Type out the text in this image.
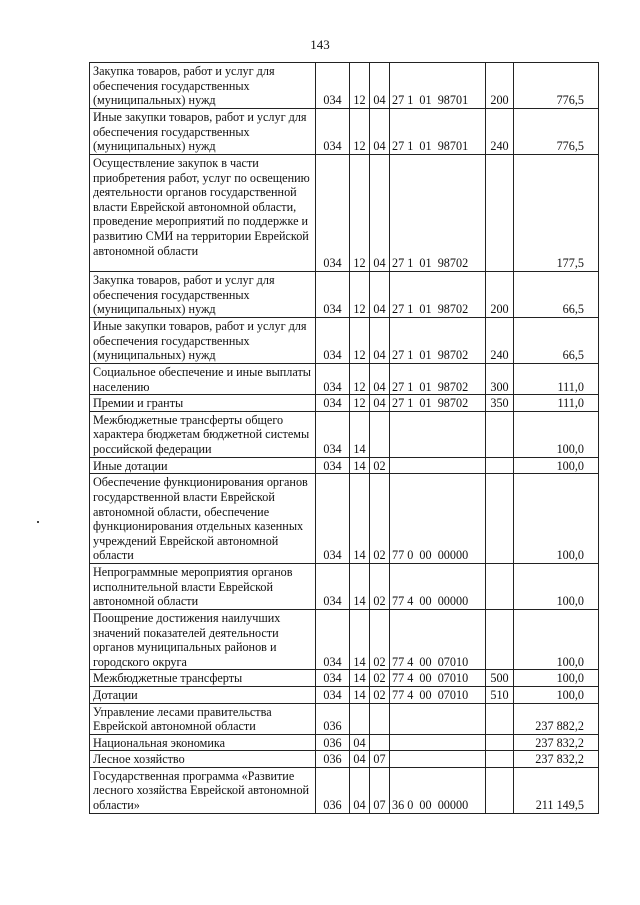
143
Закупка товаров, работ и услуг для обеспечения государственных (муниципальных) нужд	034	12	04	27 1  01  98701	200	776,5
Иные закупки товаров, работ и услуг для обеспечения государственных (муниципальных) нужд	034	12	04	27 1  01  98701	240	776,5
Осуществление закупок в части приобретения работ, услуг по освещению деятельности органов государственной власти Еврейской автономной области, проведение мероприятий по поддержке и развитию СМИ на территории Еврейской автономной области	034	12	04	27 1  01  98702		177,5
Закупка товаров, работ и услуг для обеспечения государственных (муниципальных) нужд	034	12	04	27 1  01  98702	200	66,5
Иные закупки товаров, работ и услуг для обеспечения государственных (муниципальных) нужд	034	12	04	27 1  01  98702	240	66,5
Социальное обеспечение и иные выплаты населению	034	12	04	27 1  01  98702	300	111,0
Премии и гранты	034	12	04	27 1  01  98702	350	111,0
Межбюджетные трансферты общего характера бюджетам бюджетной системы российской федерации	034	14				100,0
Иные дотации	034	14	02			100,0
Обеспечение функционирования органов государственной власти Еврейской автономной области, обеспечение функционирования отдельных казенных учреждений Еврейской автономной области	034	14	02	77 0  00  00000		100,0
Непрограммные мероприятия органов исполнительной власти Еврейской автономной области	034	14	02	77 4  00  00000		100,0
Поощрение достижения наилучших значений показателей деятельности органов муниципальных районов и городского округа	034	14	02	77 4  00  07010		100,0
Межбюджетные трансферты	034	14	02	77 4  00  07010	500	100,0
Дотации	034	14	02	77 4  00  07010	510	100,0
Управление лесами правительства Еврейской автономной области	036					237 882,2
Национальная экономика	036	04				237 832,2
Лесное хозяйство	036	04	07			237 832,2
Государственная программа «Развитие лесного хозяйства Еврейской автономной области»	036	04	07	36 0  00  00000		211 149,5
